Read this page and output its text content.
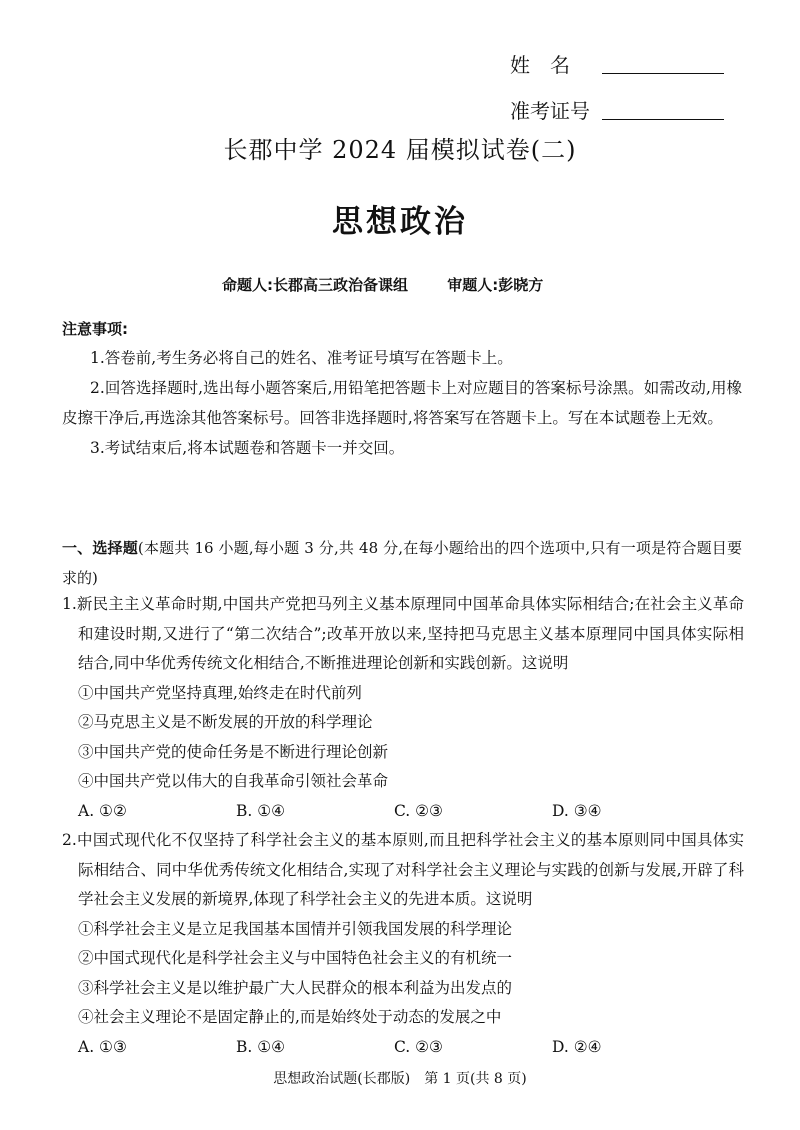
姓　名
准考证号
长郡中学 2024 届模拟试卷(二)
思想政治
命题人:长郡高三政治备课组	审题人:彭晓方
注意事项:

1.答卷前,考生务必将自己的姓名、准考证号填写在答题卡上。

2.回答选择题时,选出每小题答案后,用铅笔把答题卡上对应题目的答案标号涂黑。如需改动,用橡皮擦干净后,再选涂其他答案标号。回答非选择题时,将答案写在答题卡上。写在本试题卷上无效。

3.考试结束后,将本试题卷和答题卡一并交回。

一、选择题(本题共 16 小题,每小题 3 分,共 48 分,在每小题给出的四个选项中,只有一项是符合题目要求的)

1.新民主主义革命时期,中国共产党把马列主义基本原理同中国革命具体实际相结合;在社会主义革命和建设时期,又进行了“第二次结合”;改革开放以来,坚持把马克思主义基本原理同中国具体实际相结合,同中华优秀传统文化相结合,不断推进理论创新和实践创新。这说明

①中国共产党坚持真理,始终走在时代前列

②马克思主义是不断发展的开放的科学理论

③中国共产党的使命任务是不断进行理论创新

④中国共产党以伟大的自我革命引领社会革命

A. ①②	B. ①④	C. ②③	D. ③④

2.中国式现代化不仅坚持了科学社会主义的基本原则,而且把科学社会主义的基本原则同中国具体实际相结合、同中华优秀传统文化相结合,实现了对科学社会主义理论与实践的创新与发展,开辟了科学社会主义发展的新境界,体现了科学社会主义的先进本质。这说明

①科学社会主义是立足我国基本国情并引领我国发展的科学理论

②中国式现代化是科学社会主义与中国特色社会主义的有机统一

③科学社会主义是以维护最广大人民群众的根本利益为出发点的

④社会主义理论不是固定静止的,而是始终处于动态的发展之中

A. ①③	B. ①④	C. ②③	D. ②④
思想政治试题(长郡版)　第 1 页(共 8 页)
